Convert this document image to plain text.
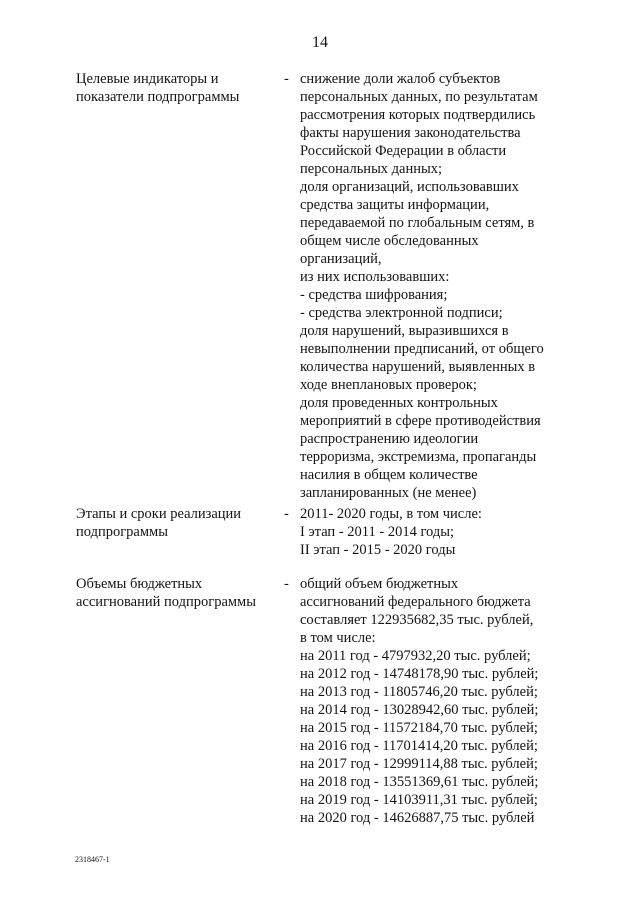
14
Целевые индикаторы и
показатели подпрограммы
- снижение доли жалоб субъектов
персональных данных, по результатам
рассмотрения которых подтвердились
факты нарушения законодательства
Российской Федерации в области
персональных данных;
доля организаций, использовавших
средства защиты информации,
передаваемой по глобальным сетям, в
общем числе обследованных
организаций,
из них использовавших:
- средства шифрования;
- средства электронной подписи;
доля нарушений, выразившихся в
невыполнении предписаний, от общего
количества нарушений, выявленных в
ходе внеплановых проверок;
доля проведенных контрольных
мероприятий в сфере противодействия
распространению идеологии
терроризма, экстремизма, пропаганды
насилия в общем количестве
запланированных (не менее)
Этапы и сроки реализации
подпрограммы
- 2011- 2020 годы, в том числе:
I этап - 2011 - 2014 годы;
II этап - 2015 - 2020 годы
Объемы бюджетных
ассигнований подпрограммы
- общий объем бюджетных
ассигнований федерального бюджета
составляет 122935682,35 тыс. рублей,
в том числе:
на 2011 год - 4797932,20 тыс. рублей;
на 2012 год - 14748178,90 тыс. рублей;
на 2013 год - 11805746,20 тыс. рублей;
на 2014 год - 13028942,60 тыс. рублей;
на 2015 год - 11572184,70 тыс. рублей;
на 2016 год - 11701414,20 тыс. рублей;
на 2017 год - 12999114,88 тыс. рублей;
на 2018 год - 13551369,61 тыс. рублей;
на 2019 год - 14103911,31 тыс. рублей;
на 2020 год - 14626887,75 тыс. рублей
2318467-1
